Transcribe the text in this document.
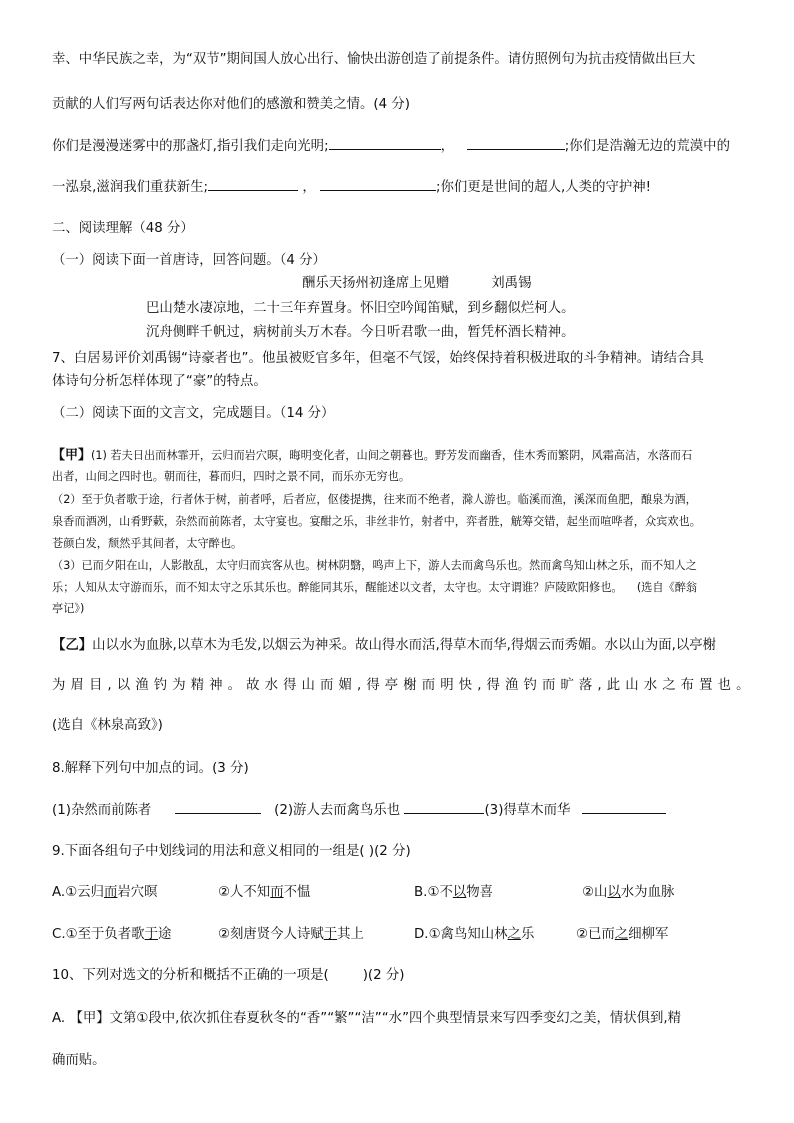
幸、中华民族之幸，为“双节”期间国人放心出行、愉快出游创造了前提条件。请仿照例句为抗击疫情做出巨大
贡献的人们写两句话表达你对他们的感激和赞美之情。(4 分)
你们是漫漫迷雾中的那盏灯,指引我们走向光明;	，	;你们是浩瀚无边的荒漠中的
一泓泉,滋润我们重获新生;	，	;你们更是世间的超人,人类的守护神!
二、阅读理解（48 分）
（一）阅读下面一首唐诗，回答问题。（4 分）
酬乐天扬州初逢席上见赠	刘禹锡
巴山楚水凄凉地，二十三年弃置身。怀旧空吟闻笛赋，到乡翻似烂柯人。
沉舟侧畔千帆过，病树前头万木春。今日听君歌一曲，暂凭杯酒长精神。
7、白居易评价刘禹锡“诗豪者也”。他虽被贬官多年，但毫不气馁，始终保持着积极进取的斗争精神。请结合具
体诗句分析怎样体现了“豪”的特点。
（二）阅读下面的文言文，完成题目。（14 分）
【甲】(1) 若夫日出而林霏开，云归而岩穴暝，晦明变化者，山间之朝暮也。野芳发而幽香，佳木秀而繁阴，风霜高洁，水落而石
出者，山间之四时也。朝而往，暮而归，四时之景不同，而乐亦无穷也。
（2）至于负者歌于途，行者休于树，前者呼，后者应，伛偻提携，往来而不绝者，滁人游也。临溪而渔，溪深而鱼肥，酿泉为酒，
泉香而酒冽，山肴野蔌，杂然而前陈者，太守宴也。宴酣之乐，非丝非竹，射者中，弈者胜，觥筹交错，起坐而喧哗者，众宾欢也。
苍颜白发，颓然乎其间者，太守醉也。
（3）已而夕阳在山，人影散乱，太守归而宾客从也。树林阴翳，鸣声上下，游人去而禽鸟乐也。然而禽鸟知山林之乐，而不知人之
乐；人知从太守游而乐，而不知太守之乐其乐也。醉能同其乐，醒能述以文者，太守也。太守谓谁？庐陵欧阳修也。 (选自《醉翁
亭记》)
【乙】山以水为血脉,以草木为毛发,以烟云为神采。故山得水而活,得草木而华,得烟云而秀媚。水以山为面,以亭榭
为眉目,以渔钓为精神。故水得山而媚,得亭榭而明快,得渔钓而旷落,此山水之布置也。
(选自《林泉高致》)
8.解释下列句中加点的词。(3 分)
(1)杂然而前陈者	(2)游人去而禽鸟乐也	(3)得草木而华
9.下面各组句子中划线词的用法和意义相同的一组是( )(2 分)
A.①云归而岩穴暝	②人不知而不愠	B.①不以物喜	②山以水为血脉
C.①至于负者歌于途	②刻唐贤今人诗赋于其上	D.①禽鸟知山林之乐	②已而之细柳军
10、下列对选文的分析和概括不正确的一项是(	)(2 分)
A. 【甲】文第①段中,依次抓住春夏秋冬的“香”“繁”“洁”“水”四个典型情景来写四季变幻之美，情状俱到,精
确而贴。
